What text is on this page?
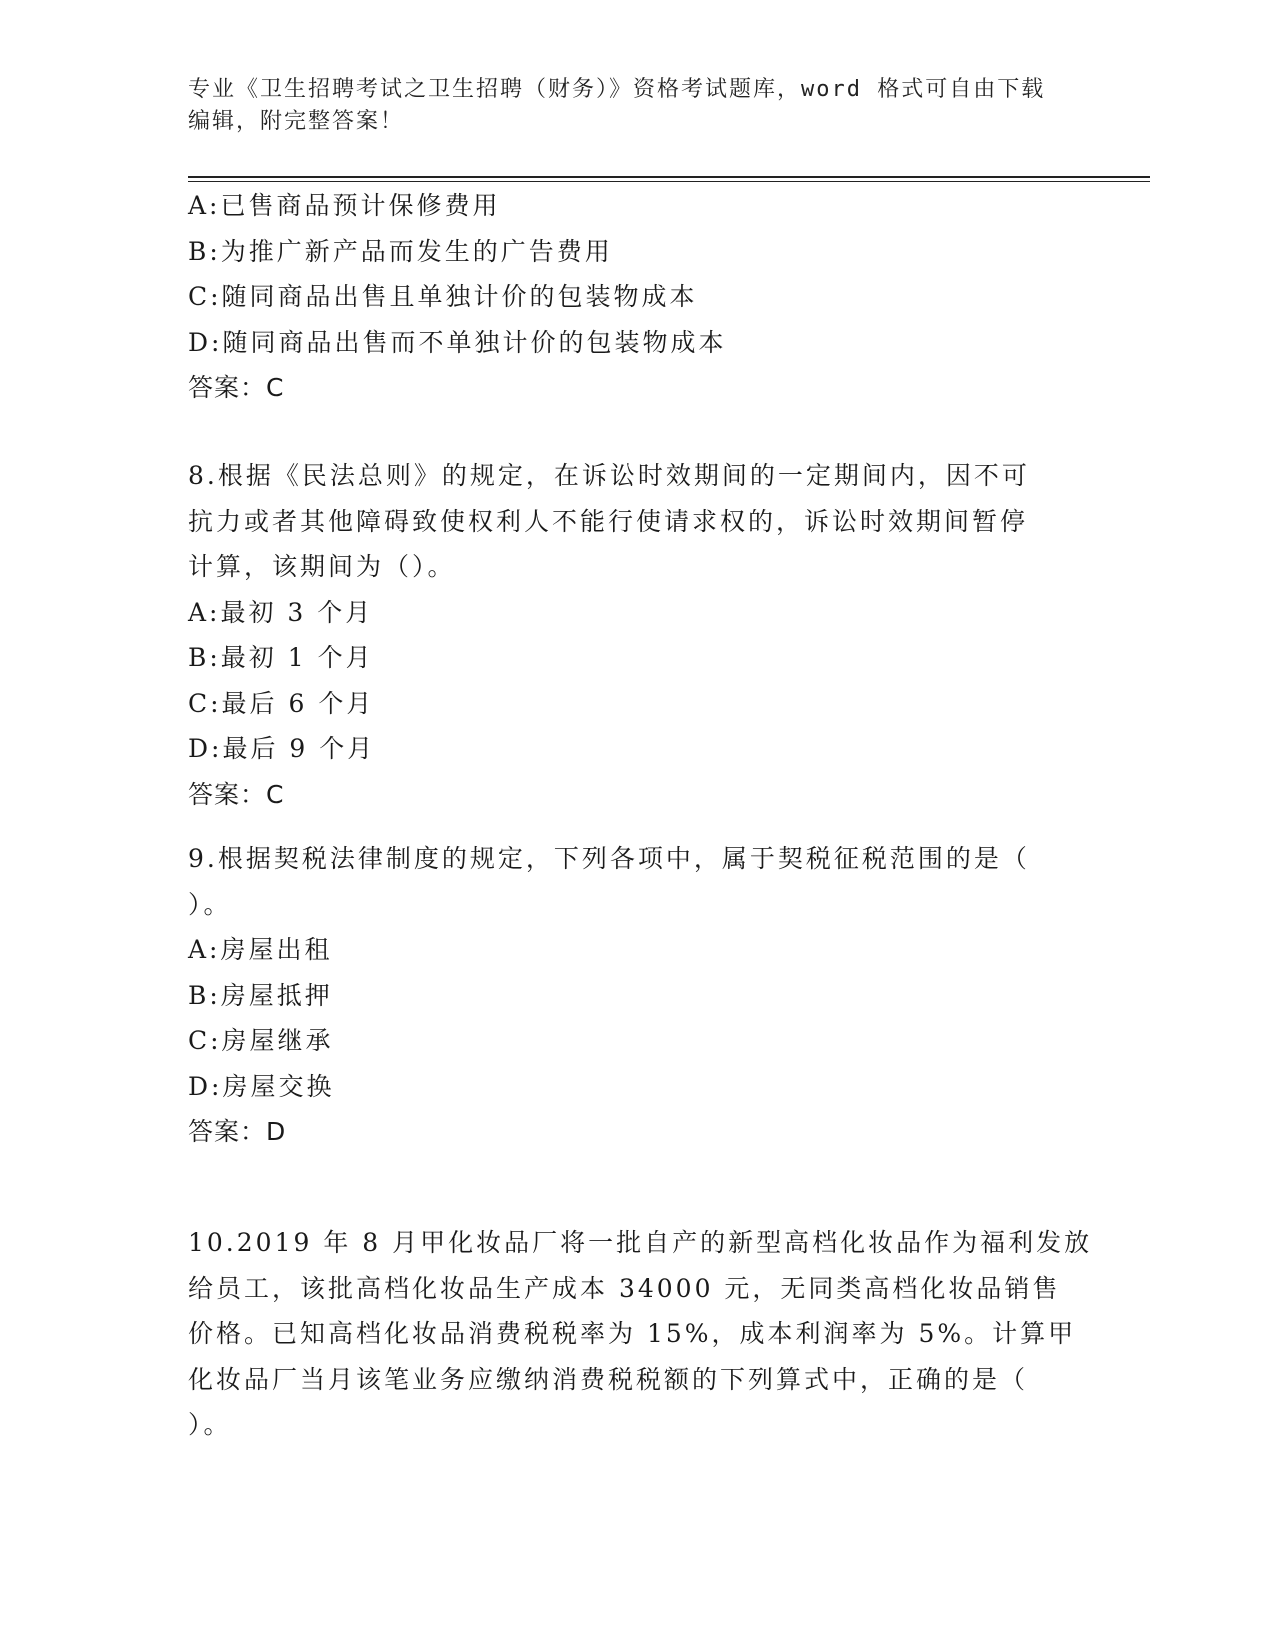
专业《卫生招聘考试之卫生招聘（财务）》资格考试题库，word 格式可自由下载
编辑，附完整答案！
A:已售商品预计保修费用
B:为推广新产品而发生的广告费用
C:随同商品出售且单独计价的包装物成本
D:随同商品出售而不单独计价的包装物成本
答案：C
8.根据《民法总则》的规定，在诉讼时效期间的一定期间内，因不可
抗力或者其他障碍致使权利人不能行使请求权的，诉讼时效期间暂停
计算，该期间为（）。
A:最初 3 个月
B:最初 1 个月
C:最后 6 个月
D:最后 9 个月
答案：C
9.根据契税法律制度的规定，下列各项中，属于契税征税范围的是（
）。
A:房屋出租
B:房屋抵押
C:房屋继承
D:房屋交换
答案：D
10.2019 年 8 月甲化妆品厂将一批自产的新型高档化妆品作为福利发放
给员工，该批高档化妆品生产成本 34000 元，无同类高档化妆品销售
价格。已知高档化妆品消费税税率为 15%，成本利润率为 5%。计算甲
化妆品厂当月该笔业务应缴纳消费税税额的下列算式中，正确的是（
）。
